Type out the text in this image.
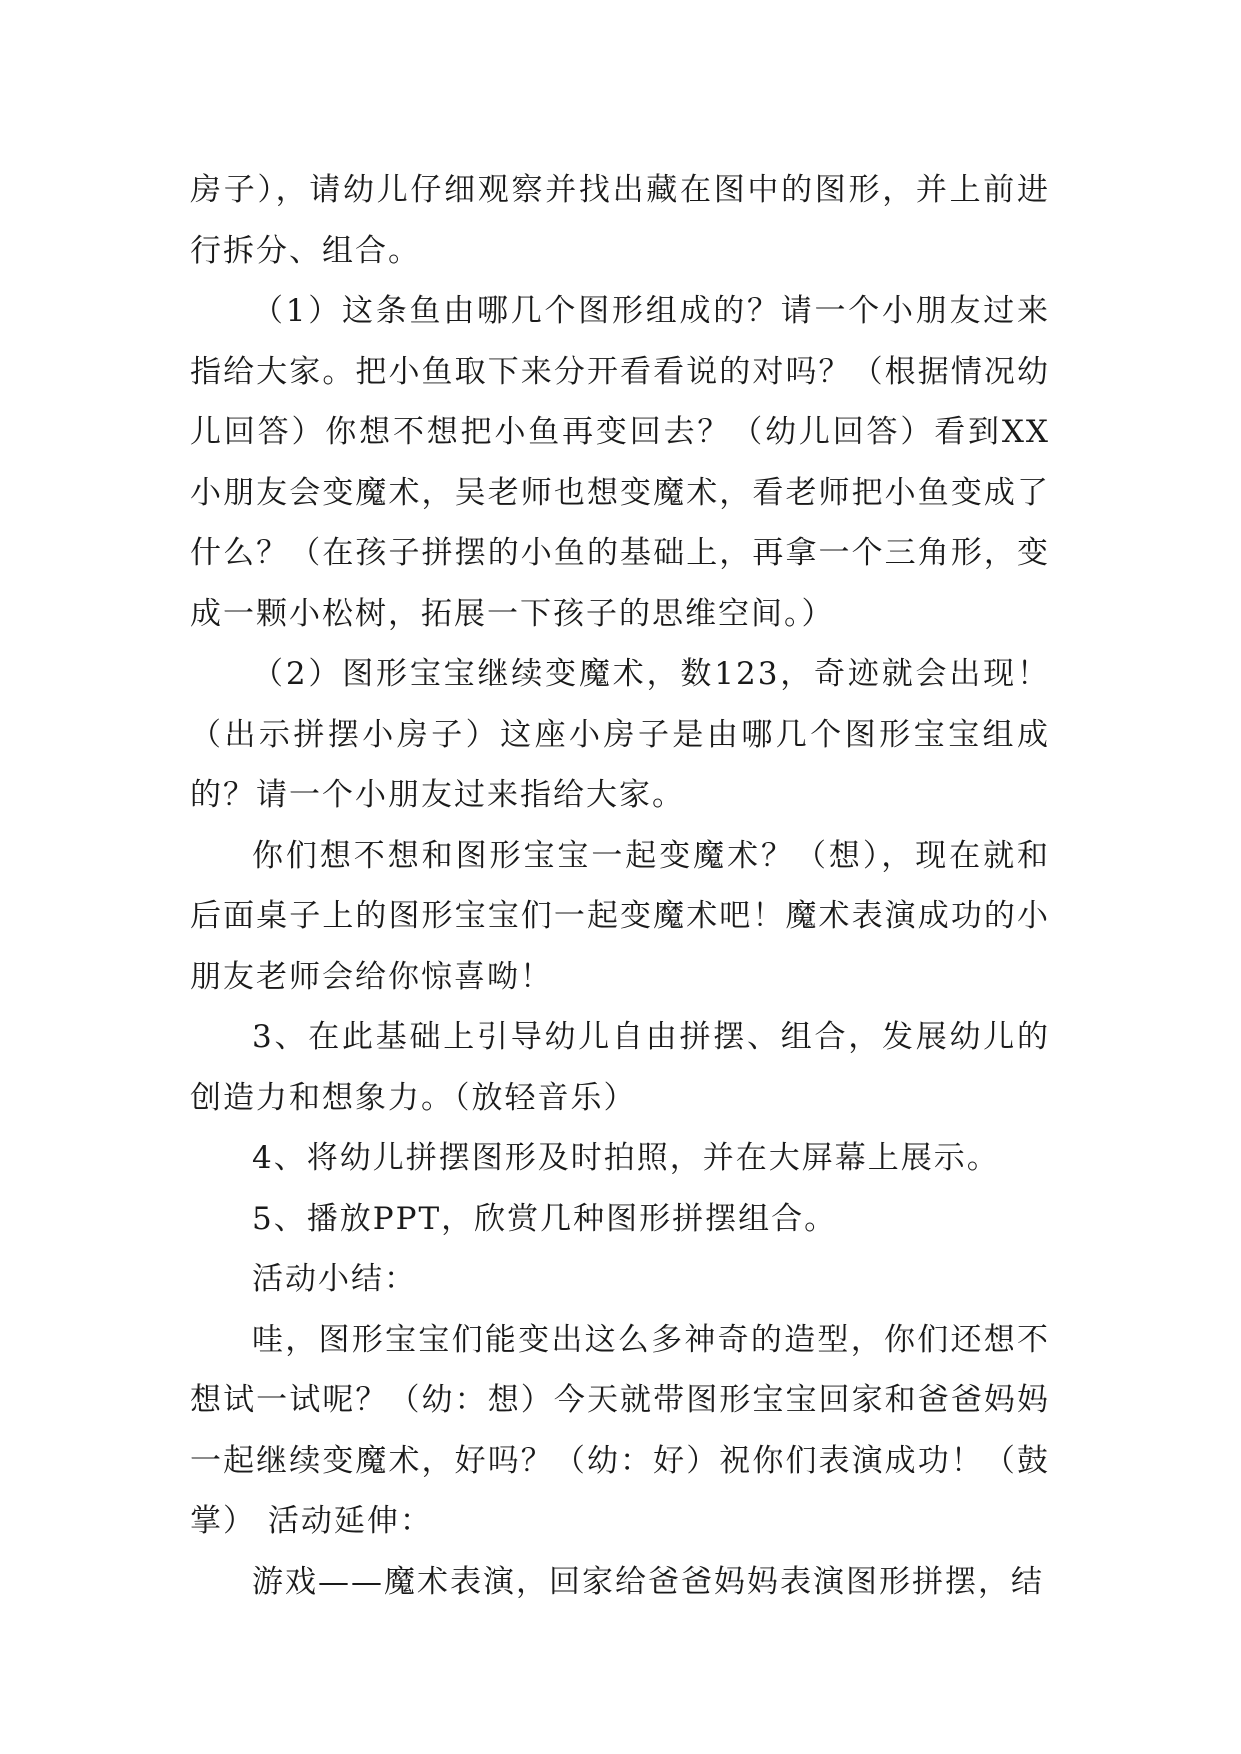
房子），请幼儿仔细观察并找出藏在图中的图形，并上前进行拆分、组合。

（1）这条鱼由哪几个图形组成的？请一个小朋友过来指给大家。把小鱼取下来分开看看说的对吗？（根据情况幼儿回答）你想不想把小鱼再变回去？（幼儿回答）看到XX小朋友会变魔术，吴老师也想变魔术，看老师把小鱼变成了什么？（在孩子拼摆的小鱼的基础上，再拿一个三角形，变成一颗小松树，拓展一下孩子的思维空间。）

（2）图形宝宝继续变魔术，数123，奇迹就会出现！（出示拼摆小房子）这座小房子是由哪几个图形宝宝组成的？请一个小朋友过来指给大家。

你们想不想和图形宝宝一起变魔术？（想），现在就和后面桌子上的图形宝宝们一起变魔术吧！魔术表演成功的小朋友老师会给你惊喜呦！

3、在此基础上引导幼儿自由拼摆、组合，发展幼儿的创造力和想象力。（放轻音乐）

4、将幼儿拼摆图形及时拍照，并在大屏幕上展示。

5、播放PPT，欣赏几种图形拼摆组合。

活动小结：

哇，图形宝宝们能变出这么多神奇的造型，你们还想不想试一试呢？（幼：想）今天就带图形宝宝回家和爸爸妈妈一起继续变魔术，好吗？（幼：好）祝你们表演成功！（鼓掌） 活动延伸：

游戏——魔术表演，回家给爸爸妈妈表演图形拼摆，结
